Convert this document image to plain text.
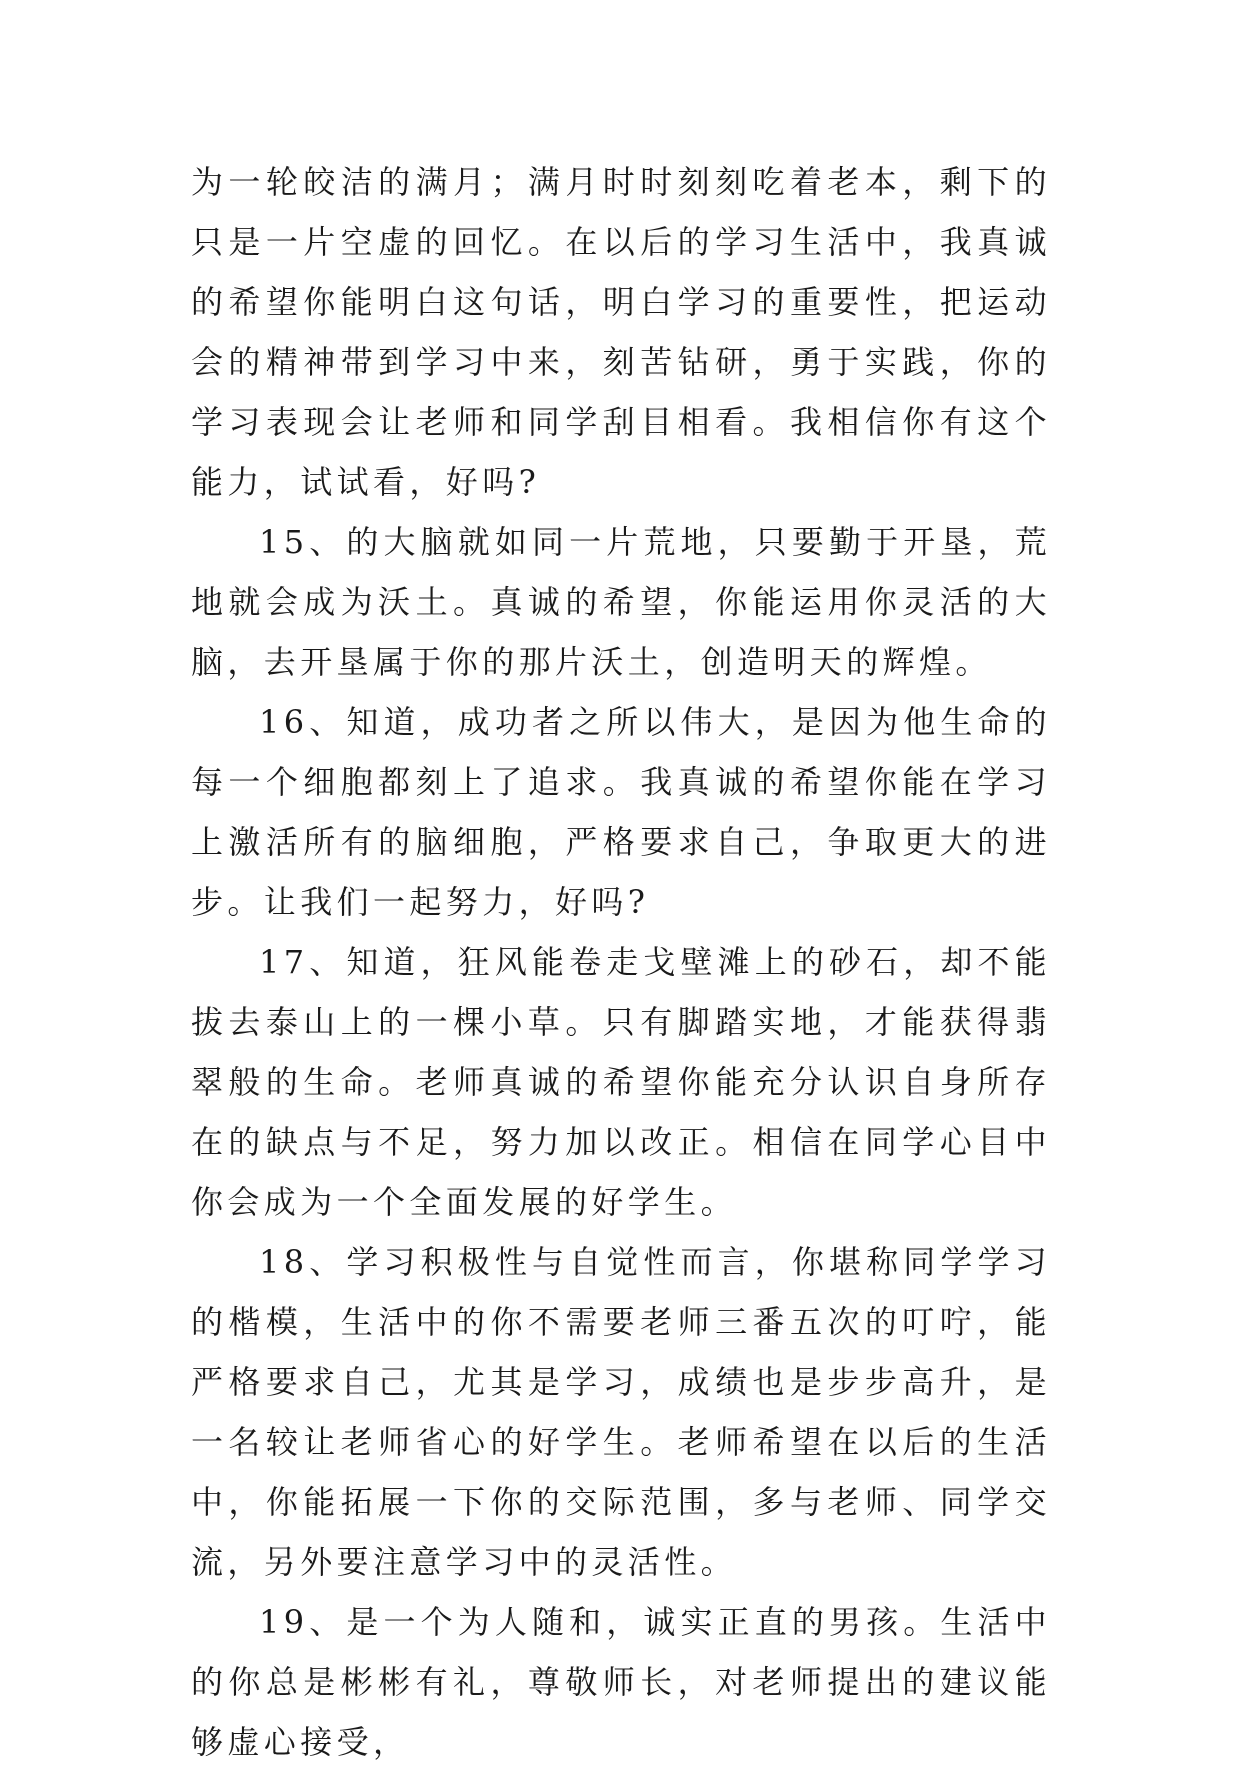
为一轮皎洁的满月；满月时时刻刻吃着老本，剩下的只是一片空虚的回忆。在以后的学习生活中，我真诚的希望你能明白这句话，明白学习的重要性，把运动会的精神带到学习中来，刻苦钻研，勇于实践，你的学习表现会让老师和同学刮目相看。我相信你有这个能力，试试看，好吗?

15、的大脑就如同一片荒地，只要勤于开垦，荒地就会成为沃土。真诚的希望，你能运用你灵活的大脑，去开垦属于你的那片沃土，创造明天的辉煌。

16、知道，成功者之所以伟大，是因为他生命的每一个细胞都刻上了追求。我真诚的希望你能在学习上激活所有的脑细胞，严格要求自己，争取更大的进步。让我们一起努力，好吗?

17、知道，狂风能卷走戈壁滩上的砂石，却不能拔去泰山上的一棵小草。只有脚踏实地，才能获得翡翠般的生命。老师真诚的希望你能充分认识自身所存在的缺点与不足，努力加以改正。相信在同学心目中你会成为一个全面发展的好学生。

18、学习积极性与自觉性而言，你堪称同学学习的楷模，生活中的你不需要老师三番五次的叮咛，能严格要求自己，尤其是学习，成绩也是步步高升，是一名较让老师省心的好学生。老师希望在以后的生活中，你能拓展一下你的交际范围，多与老师、同学交流，另外要注意学习中的灵活性。

19、是一个为人随和，诚实正直的男孩。生活中的你总是彬彬有礼，尊敬师长，对老师提出的建议能够虚心接受，
